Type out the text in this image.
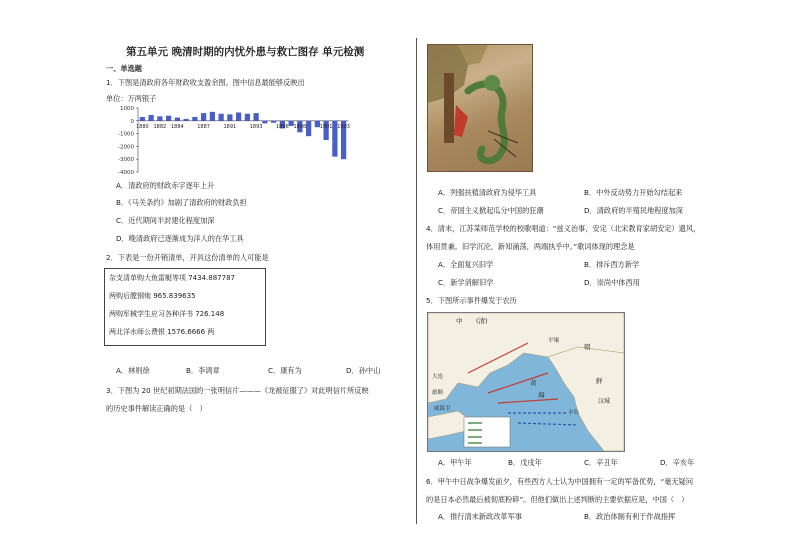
第五单元 晚清时期的内忧外患与救亡图存 单元检测
一、单选题
1．下图是清政府各年财政收支盈余图。图中信息最能够反映出
单位：万两银子
1000
0
-1000
-2000
-3000
-4000
1880 1882 1884	1887	1891	1893	1896 1898	1901 1903
A．清政府的财政赤字逐年上升
B．《马关条约》加剧了清政府的财政负担
C．近代期间半封建化程度加深
D．晚清政府已逐渐成为洋人的在华工具
2．下表是一份开销清单，开具这份清单的人可能是
杂支清单购大鱼雷艇等项 7434.887787
两购后膛钢炮 965.839635
两购军械学生应习各种洋书 726.148
两北洋水师公费银 1576.6666 两
A．林则徐	B．李鸿章	C．康有为	D．孙中山
3．下图为 20 世纪初期法国的一张明信片———《龙被征服了》对此明信片所反映
的历史事件解读正确的是（　）
A．列强扶植清政府为侵华工具	B．中外反动势力开始勾结起来
C．帝国主义掀起瓜分中国的狂潮	D．清政府的半殖民地程度加深
4．清末，江苏某师范学校的校歌唱道：“兹义治事，安定（北宋教育家胡安定）遗风，
体用贯兼。旧学沉沦，新知涌荡，两端执乎中。”歌词体现的理念是
A．全面复兴旧学	B．排斥西方新学
C．新学消解旧学	D．崇尚中体西用
5．下图所示事件爆发于农历
中 (清)
朝
鲜
汉城
黄
海
大连
旅顺
威海卫
丰岛
平壤
A．甲午年	B．戊戌年	C．辛丑年	D．辛亥年
6．甲午中日战争爆发前夕，有些西方人士认为中国拥有一定的军备优势，“毫无疑问
的是日本必然最后被彻底粉碎”。但他们做出上述判断的主要依据应是，中国（　）
A．推行清末新政改革军事	B．政治体制有利于作战指挥
